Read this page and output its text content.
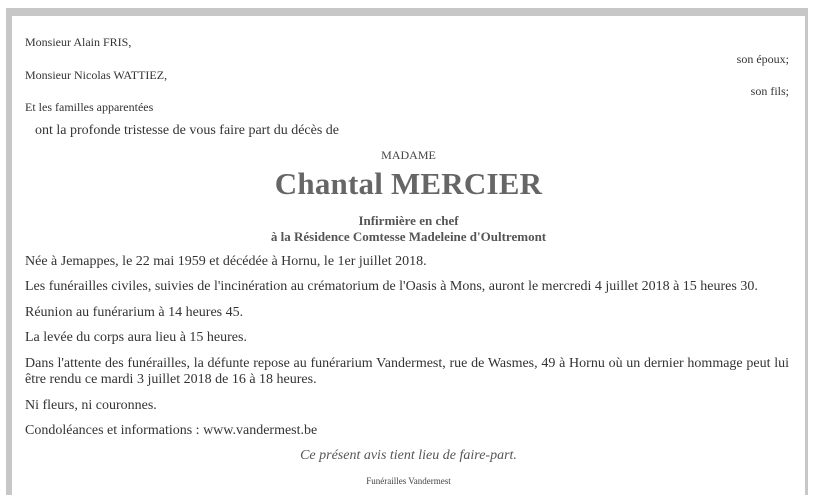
Monsieur Alain FRIS,
son époux;
Monsieur Nicolas WATTIEZ,
son fils;
Et les familles apparentées
ont la profonde tristesse de vous faire part du décès de
MADAME
Chantal MERCIER
Infirmière en chef
à la Résidence Comtesse Madeleine d'Oultremont
Née à Jemappes, le 22 mai 1959 et décédée à Hornu, le 1er juillet 2018.
Les funérailles civiles, suivies de l'incinération au crématorium de l'Oasis à Mons, auront le mercredi 4 juillet 2018 à 15 heures 30.
Réunion au funérarium à 14 heures 45.
La levée du corps aura lieu à 15 heures.
Dans l'attente des funérailles, la défunte repose au funérarium Vandermest, rue de Wasmes, 49 à Hornu où un dernier hommage peut lui être rendu ce mardi 3 juillet 2018 de 16 à 18 heures.
Ni fleurs, ni couronnes.
Condoléances et informations : www.vandermest.be
Ce présent avis tient lieu de faire-part.
Funérailles Vandermest
